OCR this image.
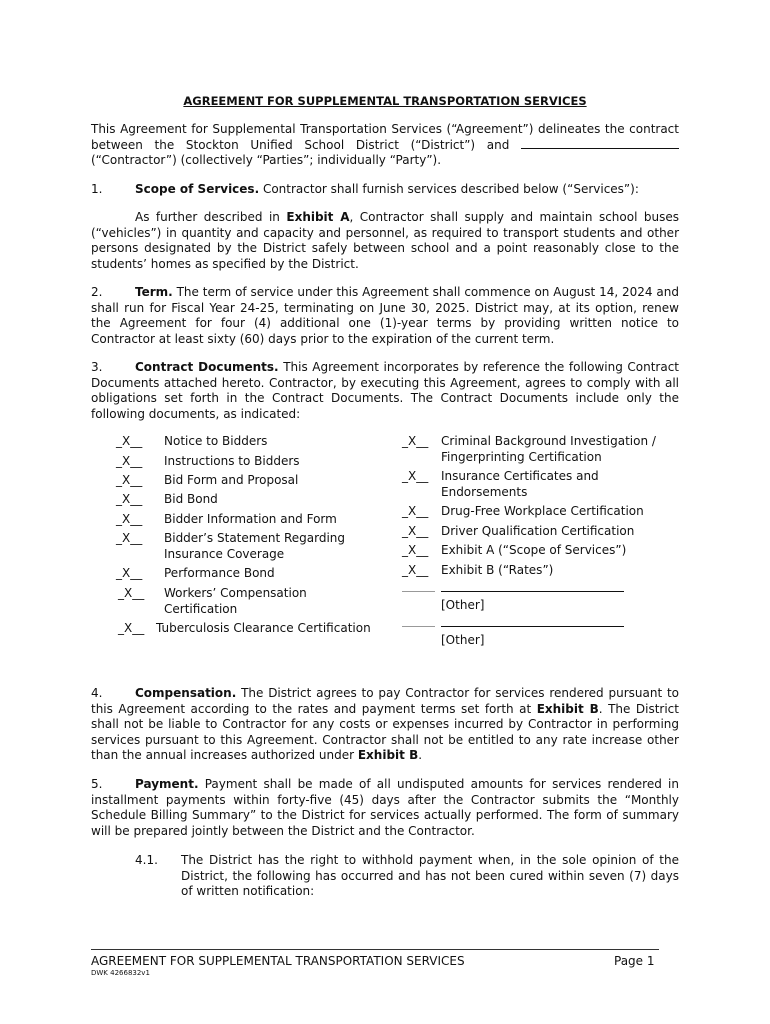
AGREEMENT FOR SUPPLEMENTAL TRANSPORTATION SERVICES

This Agreement for Supplemental Transportation Services (“Agreement”) delineates the contract between the Stockton Unified School District (“District”) and  (“Contractor”) (collectively “Parties”; individually “Party”).

1.	Scope of Services. Contractor shall furnish services described below (“Services”):

As further described in Exhibit A, Contractor shall supply and maintain school buses (“vehicles”) in quantity and capacity and personnel, as required to transport students and other persons designated by the District safely between school and a point reasonably close to the students’ homes as specified by the District.

2.	Term. The term of service under this Agreement shall commence on August 14, 2024 and shall run for Fiscal Year 24-25, terminating on June 30, 2025. District may, at its option, renew the Agreement for four (4) additional one (1)-year terms by providing written notice to Contractor at least sixty (60) days prior to the expiration of the current term.

3.	Contract Documents. This Agreement incorporates by reference the following Contract Documents attached hereto. Contractor, by executing this Agreement, agrees to comply with all obligations set forth in the Contract Documents. The Contract Documents include only the following documents, as indicated:

_X__ Notice to Bidders
_X__ Instructions to Bidders
_X__ Bid Form and Proposal
_X__ Bid Bond
_X__ Bidder Information and Form
_X__ Bidder’s Statement Regarding
Insurance Coverage
_X__ Performance Bond
_X__ Workers’ Compensation
Certification
_X__ Tuberculosis Clearance Certification
_X__ Criminal Background Investigation /
Fingerprinting Certification
_X__ Insurance Certificates and
Endorsements
_X__ Drug-Free Workplace Certification
_X__ Driver Qualification Certification
_X__ Exhibit A (“Scope of Services”)
_X__ Exhibit B (“Rates”)
[Other]
[Other]

4.	Compensation. The District agrees to pay Contractor for services rendered pursuant to this Agreement according to the rates and payment terms set forth at Exhibit B. The District shall not be liable to Contractor for any costs or expenses incurred by Contractor in performing services pursuant to this Agreement. Contractor shall not be entitled to any rate increase other than the annual increases authorized under Exhibit B.

5.	Payment. Payment shall be made of all undisputed amounts for services rendered in installment payments within forty-five (45) days after the Contractor submits the “Monthly Schedule Billing Summary” to the District for services actually performed. The form of summary will be prepared jointly between the District and the Contractor.

4.1. The District has the right to withhold payment when, in the sole opinion of the District, the following has occurred and has not been cured within seven (7) days of written notification:
AGREEMENT FOR SUPPLEMENTAL TRANSPORTATION SERVICES	Page 1
DWK 4266832v1
